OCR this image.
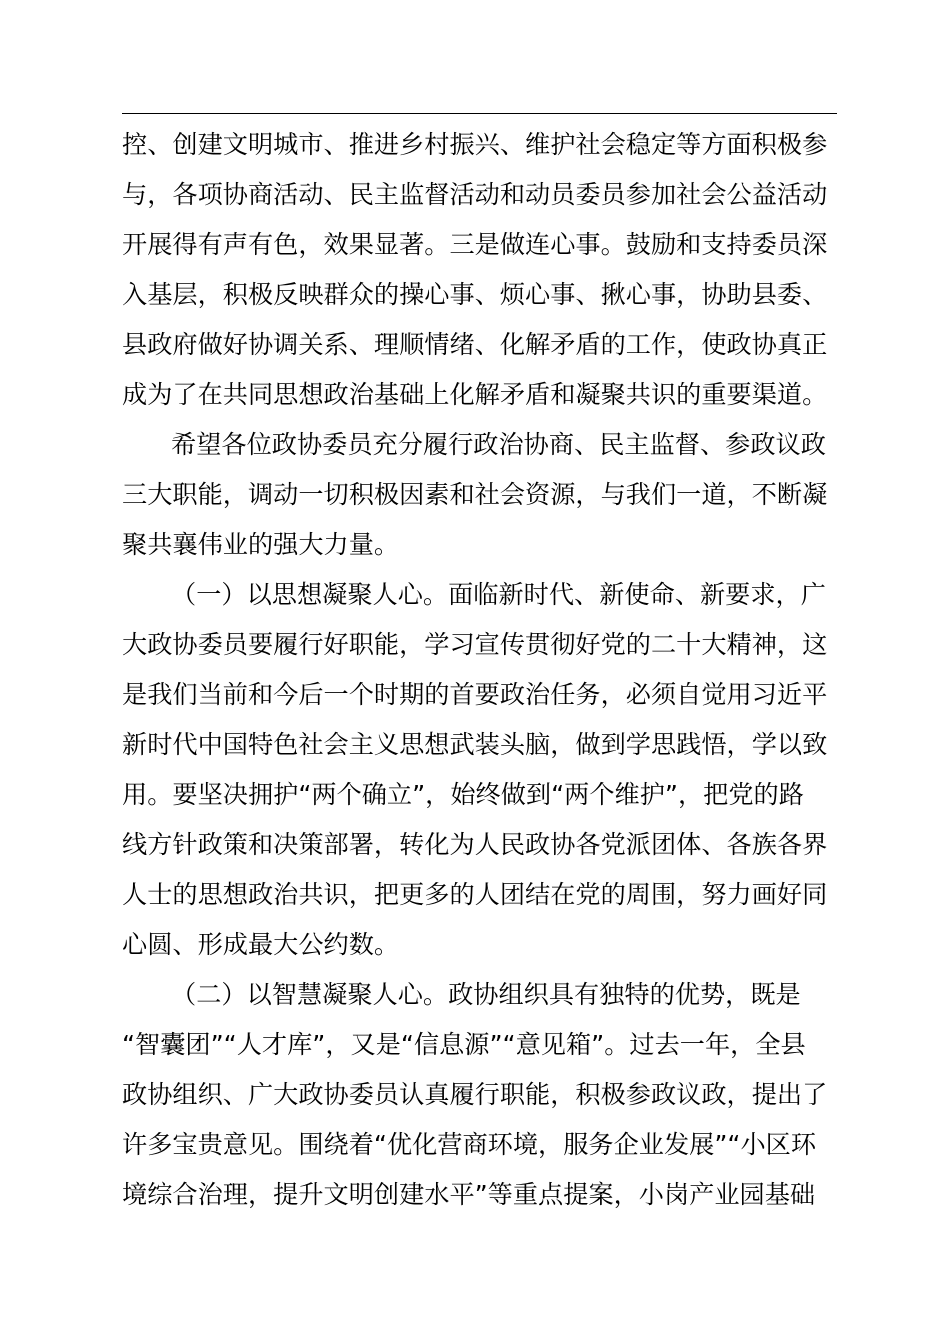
控、创建文明城市、推进乡村振兴、维护社会稳定等方面积极参
与，各项协商活动、民主监督活动和动员委员参加社会公益活动
开展得有声有色，效果显著。三是做连心事。鼓励和支持委员深
入基层，积极反映群众的操心事、烦心事、揪心事，协助县委、
县政府做好协调关系、理顺情绪、化解矛盾的工作，使政协真正
成为了在共同思想政治基础上化解矛盾和凝聚共识的重要渠道。
希望各位政协委员充分履行政治协商、民主监督、参政议政
三大职能，调动一切积极因素和社会资源，与我们一道，不断凝
聚共襄伟业的强大力量。
（一）以思想凝聚人心。面临新时代、新使命、新要求，广
大政协委员要履行好职能，学习宣传贯彻好党的二十大精神，这
是我们当前和今后一个时期的首要政治任务，必须自觉用习近平
新时代中国特色社会主义思想武装头脑，做到学思践悟，学以致
用。要坚决拥护“两个确立”，始终做到“两个维护”，把党的路
线方针政策和决策部署，转化为人民政协各党派团体、各族各界
人士的思想政治共识，把更多的人团结在党的周围，努力画好同
心圆、形成最大公约数。
（二）以智慧凝聚人心。政协组织具有独特的优势，既是
“智囊团”“人才库”，又是“信息源”“意见箱”。过去一年，全县
政协组织、广大政协委员认真履行职能，积极参政议政，提出了
许多宝贵意见。围绕着“优化营商环境，服务企业发展”“小区环
境综合治理，提升文明创建水平”等重点提案，小岗产业园基础
